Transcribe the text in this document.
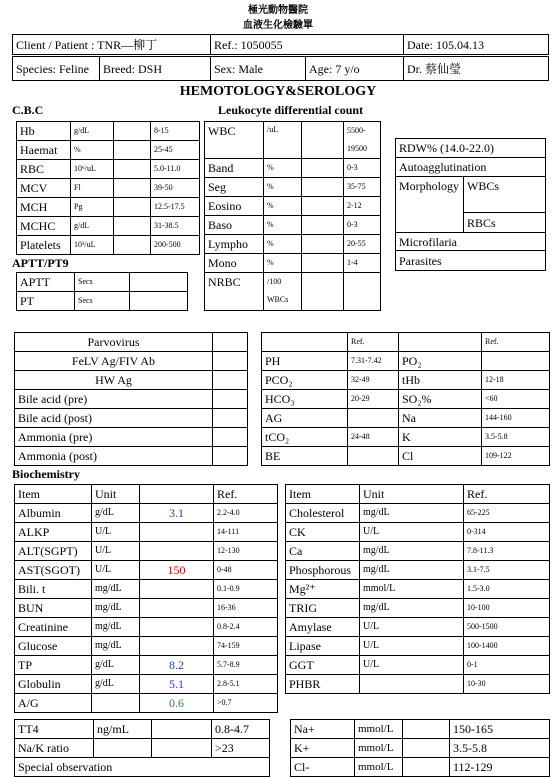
極光動物醫院
血液生化檢驗單
Client / Patient : TNR—柳丁	Ref.: 1050055	Date: 105.04.13
Species: Feline	Breed: DSH	Sex: Male	Age: 7 y/o	Dr. 蔡仙瑩
HEMOTOLOGY&SEROLOGY
C.B.C	Leukocyte differential count
Hb	g/dL		8-15
Haemat	%		25-45
RBC	10⁶/uL		5.0-11.0
MCV	Fl		39-50
MCH	Pg		12.5-17.5
MCHC	g/dL		31-38.5
Platelets	10³/uL		200-500
WBC	/uL		5500-
19500
Band	%		0-3
Seg	%		35-75
Eosino	%		2-12
Baso	%		0-3
Lympho	%		20-55
Mono	%		1-4
NRBC	/100
WBCs		
RDW% (14.0-22.0)
Autoagglutination
Morphology	WBCs
RBCs
Microfilaria
Parasites
APTT/PT9
APTT	Secs	
PT	Secs	
Parvovirus	
FeLV Ag/FIV Ab	
HW Ag	
Bile acid (pre)	
Bile acid (post)	
Ammonia (pre)	
Ammonia (post)	
	Ref.		Ref.
PH	7.31-7.42	PO₂	
PCO₂	32-49	tHb	12-18
HCO₃	20-29	SO₂%	<60
AG		Na	144-160
tCO₂	24-48	K	3.5-5.8
BE		Cl	109-122
Biochemistry
Item	Unit		Ref.
Albumin	g/dL	3.1	2.2-4.0
ALKP	U/L		14-111
ALT(SGPT)	U/L		12-130
AST(SGOT)	U/L	150	0-48
Bili. t	mg/dL		0.1-0.9
BUN	mg/dL		16-36
Creatinine	mg/dL		0.8-2.4
Glucose	mg/dL		74-159
TP	g/dL	8.2	5.7-8.9
Globulin	g/dL	5.1	2.8-5.1
A/G		0.6	>0.7
Item	Unit	Ref.
Cholesterol	mg/dL	65-225
CK	U/L	0-314
Ca	mg/dL	7.8-11.3
Phosphorous	mg/dL	3.1-7.5
Mg²⁺	mmol/L	1.5-3.0
TRIG	mg/dL	10-100
Amylase	U/L	500-1500
Lipase	U/L	100-1400
GGT	U/L	0-1
PHBR		10-30
TT4	ng/mL		0.8-4.7
Na/K ratio			>23
Special observation			
Na+	mmol/L		150-165
K+	mmol/L		3.5-5.8
Cl-	mmol/L		112-129
